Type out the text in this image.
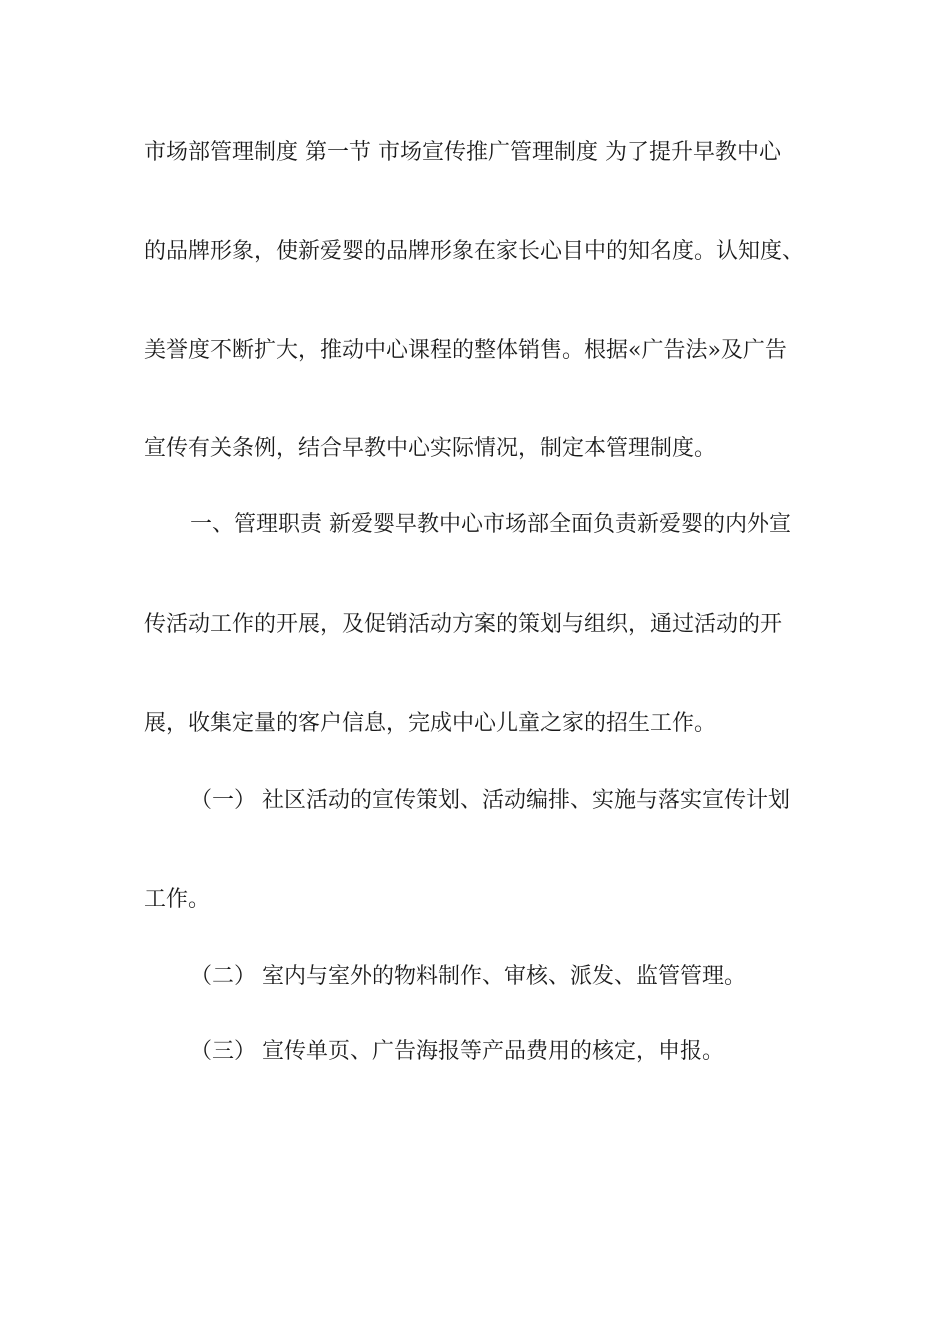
市场部管理制度 第一节 市场宣传推广管理制度 为了提升早教中心
的品牌形象，使新爱婴的品牌形象在家长心目中的知名度。认知度、
美誉度不断扩大，推动中心课程的整体销售。根据«广告法»及广告
宣传有关条例，结合早教中心实际情况，制定本管理制度。
一、管理职责 新爱婴早教中心市场部全面负责新爱婴的内外宣
传活动工作的开展，及促销活动方案的策划与组织，通过活动的开
展，收集定量的客户信息，完成中心儿童之家的招生工作。
（一） 社区活动的宣传策划、活动编排、实施与落实宣传计划
工作。
（二） 室内与室外的物料制作、审核、派发、监管管理。
（三） 宣传单页、广告海报等产品费用的核定，申报。
